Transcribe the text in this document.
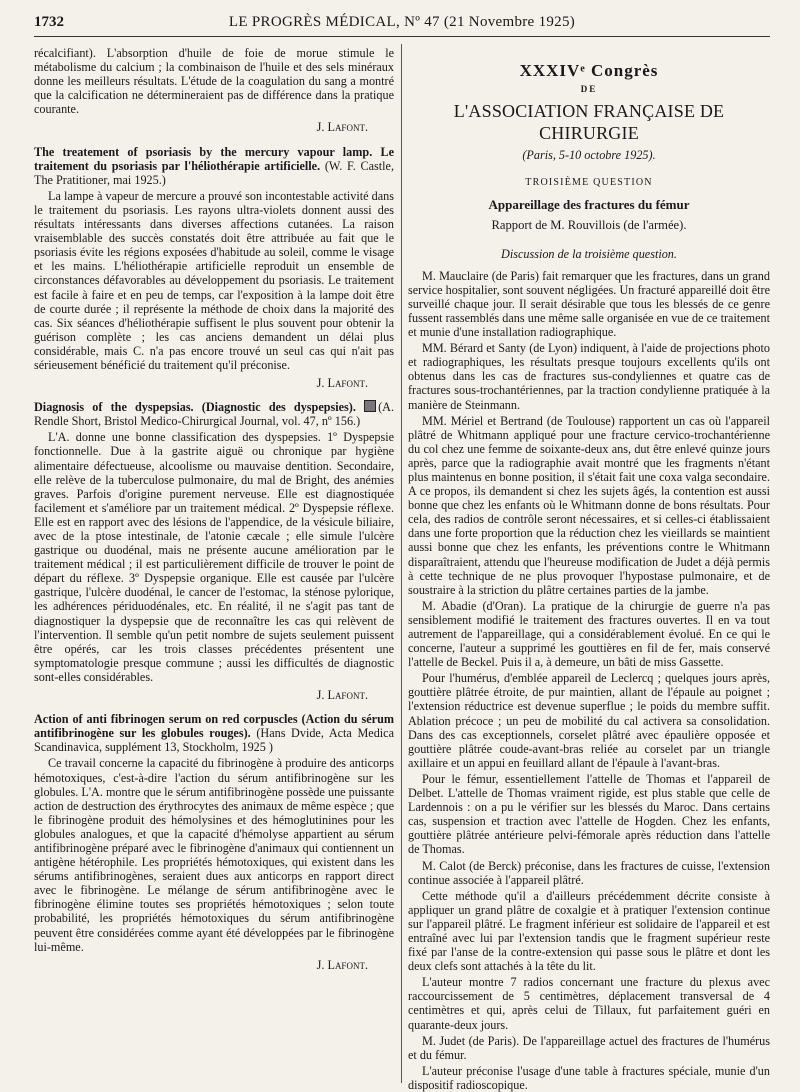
1732	LE PROGRÈS MÉDICAL, Nº 47 (21 Novembre 1925)

récalcifiant). L'absorption d'huile de foie de morue stimule le métabolisme du calcium ; la combinaison de l'huile et des sels minéraux donne les meilleurs résultats. L'étude de la coagulation du sang a montré que la calcification ne détermineraient pas de différence dans la pratique courante.

J. Lafont.

The treatement of psoriasis by the mercury vapour lamp. Le traitement du psoriasis par l'héliothérapie artificielle. (W. F. Castle, The Pratitioner, mai 1925.)

La lampe à vapeur de mercure a prouvé son incontestable activité dans le traitement du psoriasis. Les rayons ultra-violets donnent aussi des résultats intéressants dans diverses affections cutanées. La raison vraisemblable des succès constatés doit être attribuée au fait que le psoriasis évite les régions exposées d'habitude au soleil, comme le visage et les mains. L'héliothérapie artificielle reproduit un ensemble de circonstances défavorables au développement du psoriasis. Le traitement est facile à faire et en peu de temps, car l'exposition à la lampe doit être de courte durée ; il représente la méthode de choix dans la majorité des cas. Six séances d'héliothérapie suffisent le plus souvent pour obtenir la guérison complète ; les cas anciens demandent un délai plus considérable, mais C. n'a pas encore trouvé un seul cas qui n'ait pas sérieusement bénéficié du traitement qu'il préconise.

J. Lafont.

Diagnosis of the dyspepsias. (Diagnostic des dyspepsies). (A. Rendle Short, Bristol Medico-Chirurgical Journal, vol. 47, nº 156.)

L'A. donne une bonne classification des dyspepsies. 1º Dyspepsie fonctionnelle. Due à la gastrite aiguë ou chronique par hygiène alimentaire défectueuse, alcoolisme ou mauvaise dentition. Secondaire, elle relève de la tuberculose pulmonaire, du mal de Bright, des anémies graves. Parfois d'origine purement nerveuse. Elle est diagnostiquée facilement et s'améliore par un traitement médical. 2º Dyspepsie réflexe. Elle est en rapport avec des lésions de l'appendice, de la vésicule biliaire, avec de la ptose intestinale, de l'atonie cæcale ; elle simule l'ulcère gastrique ou duodénal, mais ne présente aucune amélioration par le traitement médical ; il est particulièrement difficile de trouver le point de départ du réflexe. 3º Dyspepsie organique. Elle est causée par l'ulcère gastrique, l'ulcère duodénal, le cancer de l'estomac, la sténose pylorique, les adhérences périduodénales, etc. En réalité, il ne s'agit pas tant de diagnostiquer la dyspepsie que de reconnaître les cas qui relèvent de l'intervention. Il semble qu'un petit nombre de sujets seulement puissent être opérés, car les trois classes précédentes présentent une symptomatologie presque commune ; aussi les difficultés de diagnostic sont-elles considérables.

J. Lafont.

Action of anti fibrinogen serum on red corpuscles (Action du sérum antifibrinogène sur les globules rouges). (Hans Dvide, Acta Medica Scandinavica, supplément 13, Stockholm, 1925 )

Ce travail concerne la capacité du fibrinogène à produire des anticorps hémotoxiques, c'est-à-dire l'action du sérum antifibrinogène sur les globules. L'A. montre que le sérum antifibrinogène possède une puissante action de destruction des érythrocytes des animaux de même espèce ; que le fibrinogène produit des hémolysines et des hémoglutinines pour les globules analogues, et que la capacité d'hémolyse appartient au sérum antifibrinogène préparé avec le fibrinogène d'animaux qui contiennent un antigène hétérophile. Les propriétés hémotoxiques, qui existent dans les sérums antifibrinogènes, seraient dues aux anticorps en rapport direct avec le fibrinogène. Le mélange de sérum antifibrinogène avec le fibrinogène élimine toutes ses propriétés hémotoxiques ; selon toute probabilité, les propriétés hémotoxiques du sérum antifibrinogène peuvent être considérées comme ayant été développées par le fibrinogène lui-même.

J. Lafont.

XXXIVᵉ Congrès
DE
L'ASSOCIATION FRANÇAISE DE CHIRURGIE
(Paris, 5-10 octobre 1925).
TROISIÈME QUESTION
Appareillage des fractures du fémur
Rapport de M. Rouvillois (de l'armée).
Discussion de la troisième question.

M. Mauclaire (de Paris) fait remarquer que les fractures, dans un grand service hospitalier, sont souvent négligées. Un fracturé appareillé doit être surveillé chaque jour. Il serait désirable que tous les blessés de ce genre fussent rassemblés dans une même salle organisée en vue de ce traitement et munie d'une installation radiographique.

MM. Bérard et Santy (de Lyon) indiquent, à l'aide de projections photo et radiographiques, les résultats presque toujours excellents qu'ils ont obtenus dans les cas de fractures sus-condyliennes et quatre cas de fractures sous-trochantériennes, par la traction condylienne pratiquée à la manière de Steinmann.

MM. Mériel et Bertrand (de Toulouse) rapportent un cas où l'appareil plâtré de Whitmann appliqué pour une fracture cervico-trochantérienne du col chez une femme de soixante-deux ans, dut être enlevé quinze jours après, parce que la radiographie avait montré que les fragments n'étant plus maintenus en bonne position, il s'était fait une coxa valga secondaire. A ce propos, ils demandent si chez les sujets âgés, la contention est aussi bonne que chez les enfants où le Whitmann donne de bons résultats. Pour cela, des radios de contrôle seront nécessaires, et si celles-ci établissaient dans une forte proportion que la réduction chez les vieillards se maintient aussi bonne que chez les enfants, les préventions contre le Whitmann disparaîtraient, attendu que l'heureuse modification de Judet a déjà permis à cette technique de ne plus provoquer l'hypostase pulmonaire, et de soustraire à la striction du plâtre certaines parties de la jambe.

M. Abadie (d'Oran). La pratique de la chirurgie de guerre n'a pas sensiblement modifié le traitement des fractures ouvertes. Il en va tout autrement de l'appareillage, qui a considérablement évolué. En ce qui le concerne, l'auteur a supprimé les gouttières en fil de fer, mais conservé l'attelle de Beckel. Puis il a, à demeure, un bâti de miss Gassette.

Pour l'humérus, d'emblée appareil de Leclercq ; quelques jours après, gouttière plâtrée étroite, de pur maintien, allant de l'épaule au poignet ; l'extension réductrice est devenue superflue ; le poids du membre suffit. Ablation précoce ; un peu de mobilité du cal activera sa consolidation. Dans des cas exceptionnels, corselet plâtré avec épaulière opposée et gouttière plâtrée coude-avant-bras reliée au corselet par un triangle axillaire et un appui en feuillard allant de l'épaule à l'avant-bras.

Pour le fémur, essentiellement l'attelle de Thomas et l'appareil de Delbet. L'attelle de Thomas vraiment rigide, est plus stable que celle de Lardennois : on a pu le vérifier sur les blessés du Maroc. Dans certains cas, suspension et traction avec l'attelle de Hogden. Chez les enfants, gouttière plâtrée antérieure pelvi-fémorale après réduction dans l'attelle de Thomas.

M. Calot (de Berck) préconise, dans les fractures de cuisse, l'extension continue associée à l'appareil plâtré.

Cette méthode qu'il a d'ailleurs précédemment décrite consiste à appliquer un grand plâtre de coxalgie et à pratiquer l'extension continue sur l'appareil plâtré. Le fragment inférieur est solidaire de l'appareil et est entraîné avec lui par l'extension tandis que le fragment supérieur reste fixé par l'anse de la contre-extension qui passe sous le plâtre et dont les deux clefs sont attachés à la tête du lit.

L'auteur montre 7 radios concernant une fracture du plexus avec raccourcissement de 5 centimètres, déplacement transversal de 4 centimètres et qui, après celui de Tillaux, fut parfaitement guéri en quarante-deux jours.

M. Judet (de Paris). De l'appareillage actuel des fractures de l'humérus et du fémur.

L'auteur préconise l'usage d'une table à fractures spéciale, munie d'un dispositif radioscopique.
